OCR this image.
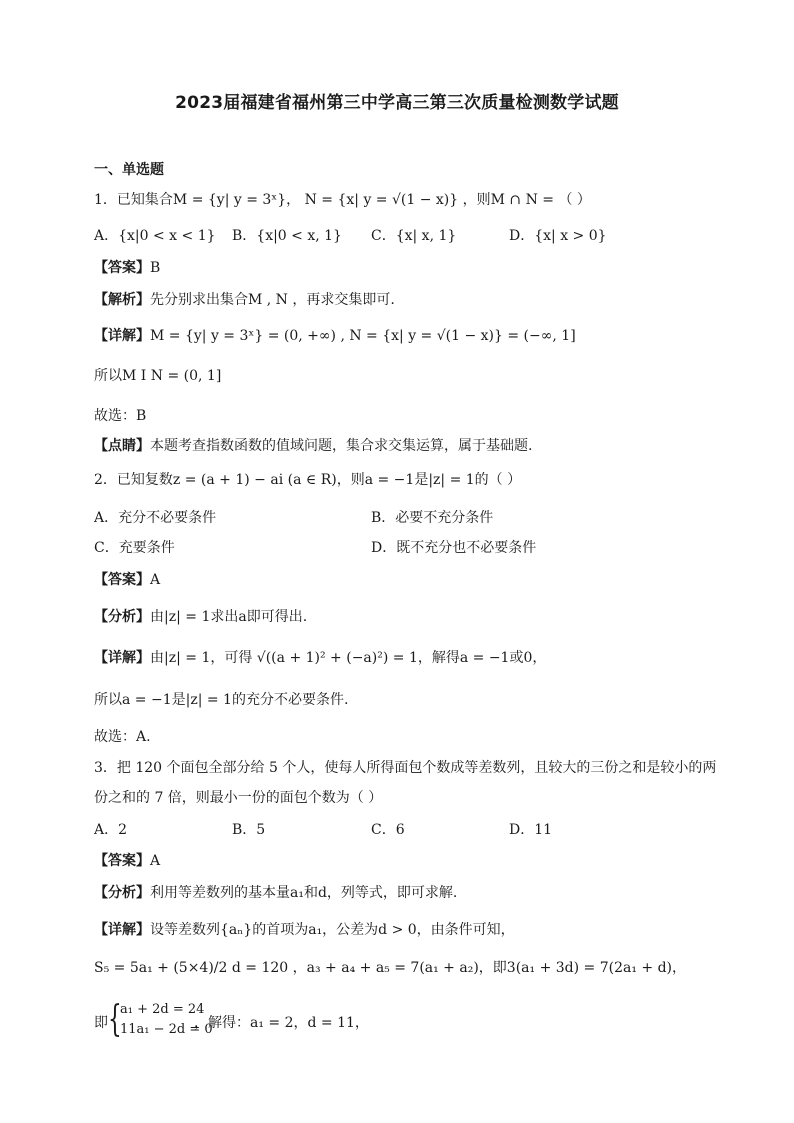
2023届福建省福州第三中学高三第三次质量检测数学试题
一、单选题
1．已知集合M = {y| y = 3ˣ}， N = {x| y = √(1 − x)} ，则M ∩ N = （ ）
A．{x|0 < x < 1} B．{x|0 < x, 1} C．{x| x, 1}	D．{x| x > 0}
【答案】B
【解析】先分别求出集合M , N ，再求交集即可.
【详解】M = {y| y = 3ˣ} = (0, +∞) , N = {x| y = √(1 − x)} = (−∞, 1]
所以M I N = (0, 1]
故选：B
【点睛】本题考查指数函数的值域问题，集合求交集运算，属于基础题.
2．已知复数z = (a + 1) − ai (a ∈ R)，则a = −1是|z| = 1的（ ）
A．充分不必要条件	B．必要不充分条件
C．充要条件	D．既不充分也不必要条件
【答案】A
【分析】由|z| = 1求出a即可得出.
【详解】由|z| = 1，可得 √((a + 1)² + (−a)²) = 1，解得a = −1或0，
所以a = −1是|z| = 1的充分不必要条件.
故选：A.
3．把 120 个面包全部分给 5 个人，使每人所得面包个数成等差数列，且较大的三份之和是较小的两
份之和的 7 倍，则最小一份的面包个数为（ ）
A．2	B．5	C．6	D．11
【答案】A
【分析】利用等差数列的基本量a₁和d，列等式，即可求解.
【详解】设等差数列{aₙ}的首项为a₁，公差为d > 0，由条件可知，
S₅ = 5a₁ + (5×4)/2 d = 120 ，a₃ + a₄ + a₅ = 7(a₁ + a₂)，即3(a₁ + 3d) = 7(2a₁ + d)，
即 {
a₁ + 2d = 24
11a₁ − 2d = 0
，解得：a₁ = 2，d = 11，
